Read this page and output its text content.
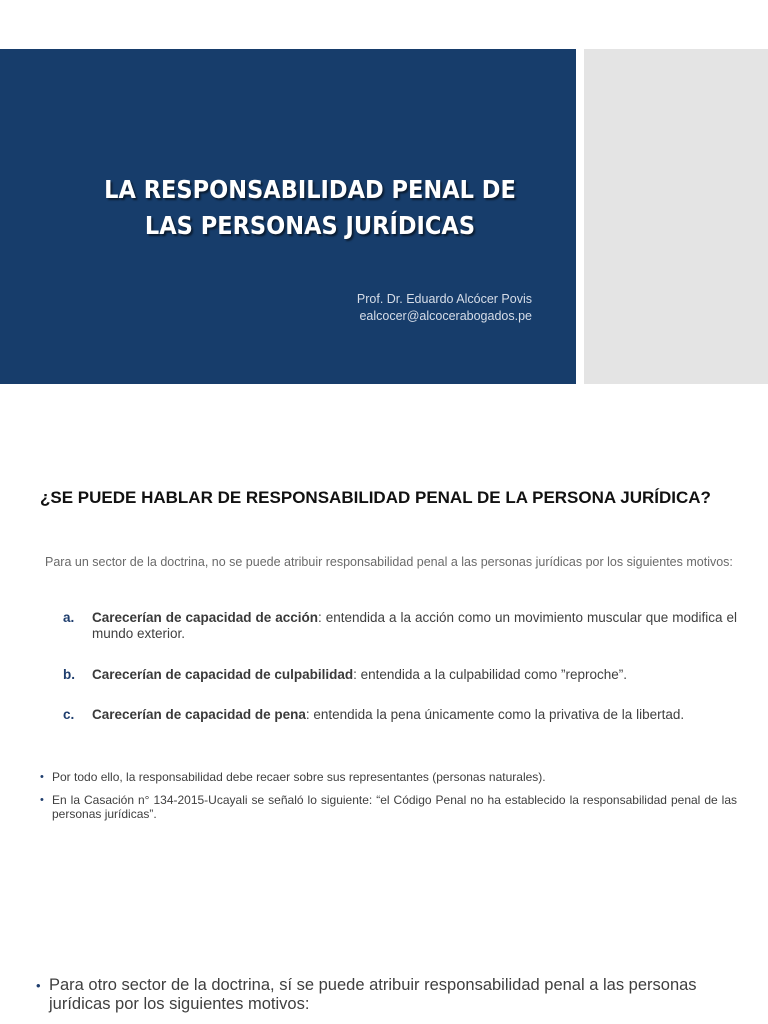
LA RESPONSABILIDAD PENAL DE
LAS PERSONAS JURÍDICAS
Prof. Dr. Eduardo Alcócer Povis
ealcocer@alcocerabogados.pe
¿SE PUEDE HABLAR DE RESPONSABILIDAD PENAL DE LA PERSONA JURÍDICA?

Para un sector de la doctrina, no se puede atribuir responsabilidad penal a las personas jurídicas por los siguientes motivos:

a. Carecerían de capacidad de acción: entendida a la acción como un movimiento muscular que modifica el mundo exterior.
b. Carecerían de capacidad de culpabilidad: entendida a la culpabilidad como ”reproche”.
c. Carecerían de capacidad de pena: entendida la pena únicamente como la privativa de la libertad.
• Por todo ello, la responsabilidad debe recaer sobre sus representantes (personas naturales).
• En la Casación n° 134-2015-Ucayali se señaló lo siguiente: “el Código Penal no ha establecido la responsabilidad penal de las personas jurídicas”.

• Para otro sector de la doctrina, sí se puede atribuir responsabilidad penal a las personas jurídicas por los siguientes motivos:
